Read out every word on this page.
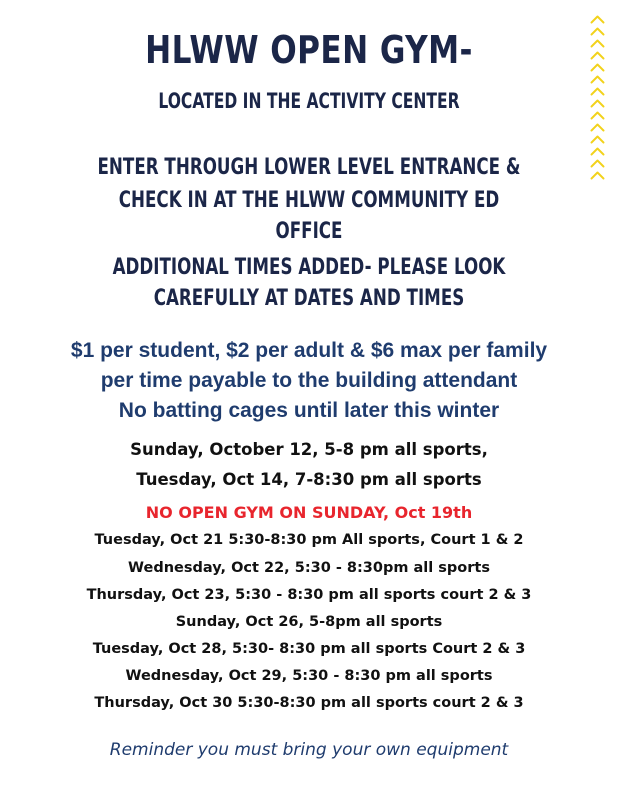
HLWW OPEN GYM-
LOCATED IN THE ACTIVITY CENTER
ENTER THROUGH LOWER LEVEL ENTRANCE &
CHECK IN AT THE HLWW COMMUNITY ED
OFFICE
ADDITIONAL TIMES ADDED- PLEASE LOOK
CAREFULLY AT DATES AND TIMES
$1 per student, $2 per adult & $6 max per family
per time payable to the building attendant
No batting cages until later this winter
Sunday, October 12, 5-8 pm all sports,
Tuesday, Oct 14, 7-8:30 pm all sports
NO OPEN GYM ON SUNDAY, Oct 19th
Tuesday, Oct 21 5:30-8:30 pm All sports, Court 1 & 2
Wednesday, Oct 22, 5:30 - 8:30pm all sports
Thursday, Oct 23, 5:30 - 8:30 pm all sports court 2 & 3
Sunday, Oct 26, 5-8pm all sports
Tuesday, Oct 28, 5:30- 8:30 pm all sports Court 2 & 3
Wednesday, Oct 29, 5:30 - 8:30 pm all sports
Thursday, Oct 30 5:30-8:30 pm all sports court 2 & 3
Reminder you must bring your own equipment
